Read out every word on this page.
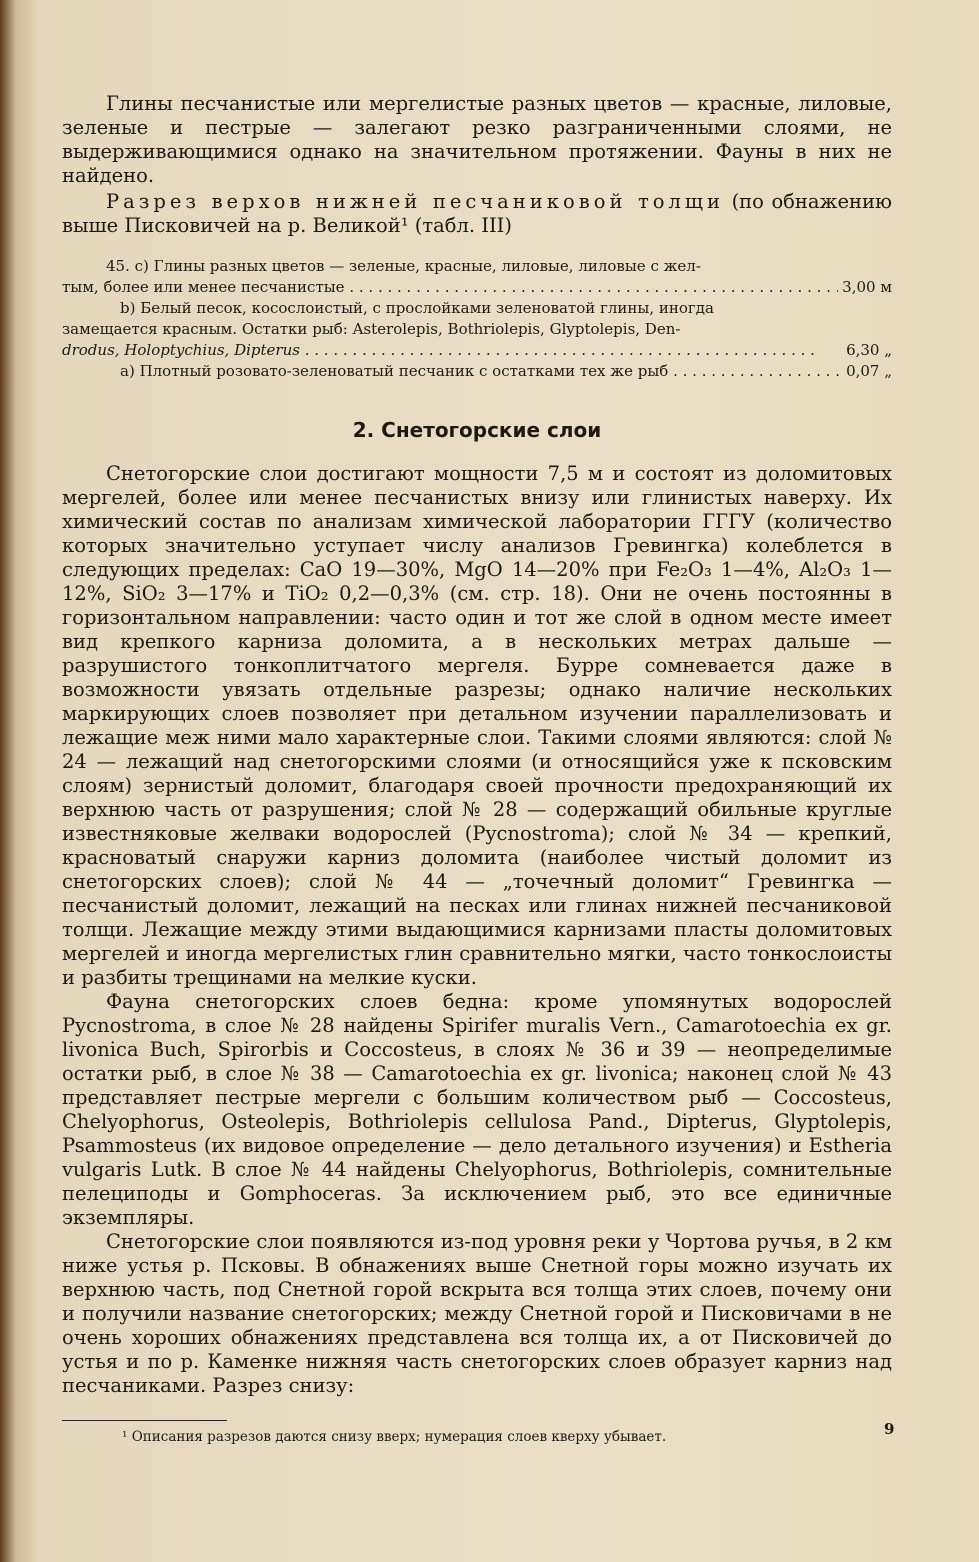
Глины песчанистые или мергелистые разных цветов — красные, лиловые, зеленые и пестрые — залегают резко разграниченными слоями, не выдерживающимися однако на значительном протяжении. Фауны в них не найдено.

Разрез верхов нижней песчаниковой толщи (по обнажению выше Писковичей на р. Великой¹ (табл. III)

45. c) Глины разных цветов — зеленые, красные, лиловые, лиловые с жел-

тым, более или менее песчанистые . . .	3,00 м

b) Белый песок, косослоистый, с прослойками зеленоватой глины, иногда

замещается красным. Остатки рыб: Asterolepis, Bothriolepis, Glyptolepis, Den-

drodus, Holoptychius, Dipterus . . .	6,30 „
a) Плотный розовато-зеленоватый песчаник с остатками тех же рыб . . .	0,07 „
2. Снетогорские слои

Снетогорские слои достигают мощности 7,5 м и состоят из доломитовых мергелей, более или менее песчанистых внизу или глинистых наверху. Их химический состав по анализам химической лаборатории ГГГУ (количество которых значительно уступает числу анализов Гревингка) колеблется в следующих пределах: CaO 19—30%, MgO 14—20% при Fe₂O₃ 1—4%, Al₂O₃ 1—12%, SiO₂ 3—17% и TiO₂ 0,2—0,3% (см. стр. 18). Они не очень постоянны в горизонтальном направлении: часто один и тот же слой в одном месте имеет вид крепкого карниза доломита, а в нескольких метрах дальше — разрушистого тонкоплитчатого мергеля. Бурре сомневается даже в возможности увязать отдельные разрезы; однако наличие нескольких маркирующих слоев позволяет при детальном изучении параллелизовать и лежащие меж ними мало характерные слои. Такими слоями являются: слой № 24 — лежащий над снетогорскими слоями (и относящийся уже к псковским слоям) зернистый доломит, благодаря своей прочности предохраняющий их верхнюю часть от разрушения; слой № 28 — содержащий обильные круглые известняковые желваки водорослей (Pycnostroma); слой № 34 — крепкий, красноватый снаружи карниз доломита (наиболее чистый доломит из снетогорских слоев); слой № 44 — „точечный доломит“ Гревингка — песчанистый доломит, лежащий на песках или глинах нижней песчаниковой толщи. Лежащие между этими выдающимися карнизами пласты доломитовых мергелей и иногда мергелистых глин сравнительно мягки, часто тонкослоисты и разбиты трещинами на мелкие куски.

Фауна снетогорских слоев бедна: кроме упомянутых водорослей Pycnostroma, в слое № 28 найдены Spirifer muralis Vern., Camarotoechia ex gr. livonica Buch, Spirorbis и Coccosteus, в слоях № 36 и 39 — неопределимые остатки рыб, в слое № 38 — Camarotoechia ex gr. livonica; наконец слой № 43 представляет пестрые мергели с большим количеством рыб — Coccosteus, Chelyophorus, Osteolepis, Bothriolepis cellulosa Pand., Dipterus, Glyptolepis, Psammosteus (их видовое определение — дело детального изучения) и Estheria vulgaris Lutk. В слое № 44 найдены Chelyophorus, Bothriolepis, сомнительные пелециподы и Gomphoceras. За исключением рыб, это все единичные экземпляры.

Снетогорские слои появляются из-под уровня реки у Чортова ручья, в 2 км ниже устья р. Псковы. В обнажениях выше Снетной горы можно изучать их верхнюю часть, под Снетной горой вскрыта вся толща этих слоев, почему они и получили название снетогорских; между Снетной горой и Писковичами в не очень хороших обнажениях представлена вся толща их, а от Писковичей до устья и по р. Каменке нижняя часть снетогорских слоев образует карниз над песчаниками. Разрез снизу:

¹ Описания разрезов даются снизу вверх; нумерация слоев кверху убывает.	9
